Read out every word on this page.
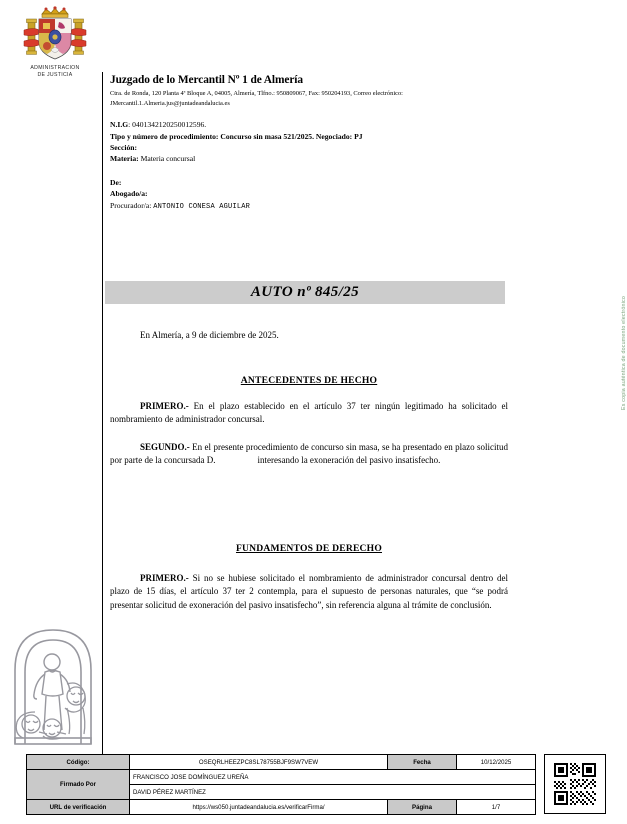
ADMINISTRACION
DE JUSTICIA	Juzgado de lo Mercantil Nº 1 de Almería

Ctra. de Ronda, 120 Planta 4ª Bloque A, 04005, Almería, Tlfno.: 950809067, Fax: 950204193, Correo electrónico:

JMercantil.1.Almeria.jus@juntadeandalucia.es

N.I.G: 0401342120250012596.

Tipo y número de procedimiento: Concurso sin masa 521/2025. Negociado: PJ

Sección:

Materia: Materia concursal

De:

Abogado/a:

Procurador/a: ANTONIO CONESA AGUILAR

AUTO nº 845/25
En Almería, a 9 de diciembre de 2025.
ANTECEDENTES DE HECHO

PRIMERO.- En el plazo establecido en el artículo 37 ter ningún legitimado ha solicitado el nombramiento de administrador concursal.

SEGUNDO.- En el presente procedimiento de concurso sin masa, se ha presentado en plazo solicitud por parte de la concursada D.	interesando la exoneración del pasivo insatisfecho.

FUNDAMENTOS DE DERECHO

PRIMERO.- Si no se hubiese solicitado el nombramiento de administrador concursal dentro del plazo de 15 días, el artículo 37 ter 2 contempla, para el supuesto de personas naturales, que “se podrá presentar solicitud de exoneración del pasivo insatisfecho”, sin referencia alguna al trámite de conclusión.

Es copia auténtica de documento electrónico
Código:	OSEQRLHEEZPC8SL78755BJF9SW7VEW	Fecha	10/12/2025
Firmado Por	FRANCISCO JOSE DOMÍNGUEZ UREÑA		
	DAVID PÉREZ MARTÍNEZ		
URL de verificación	https://ws050.juntadeandalucia.es/verificarFirma/	Página	1/7
